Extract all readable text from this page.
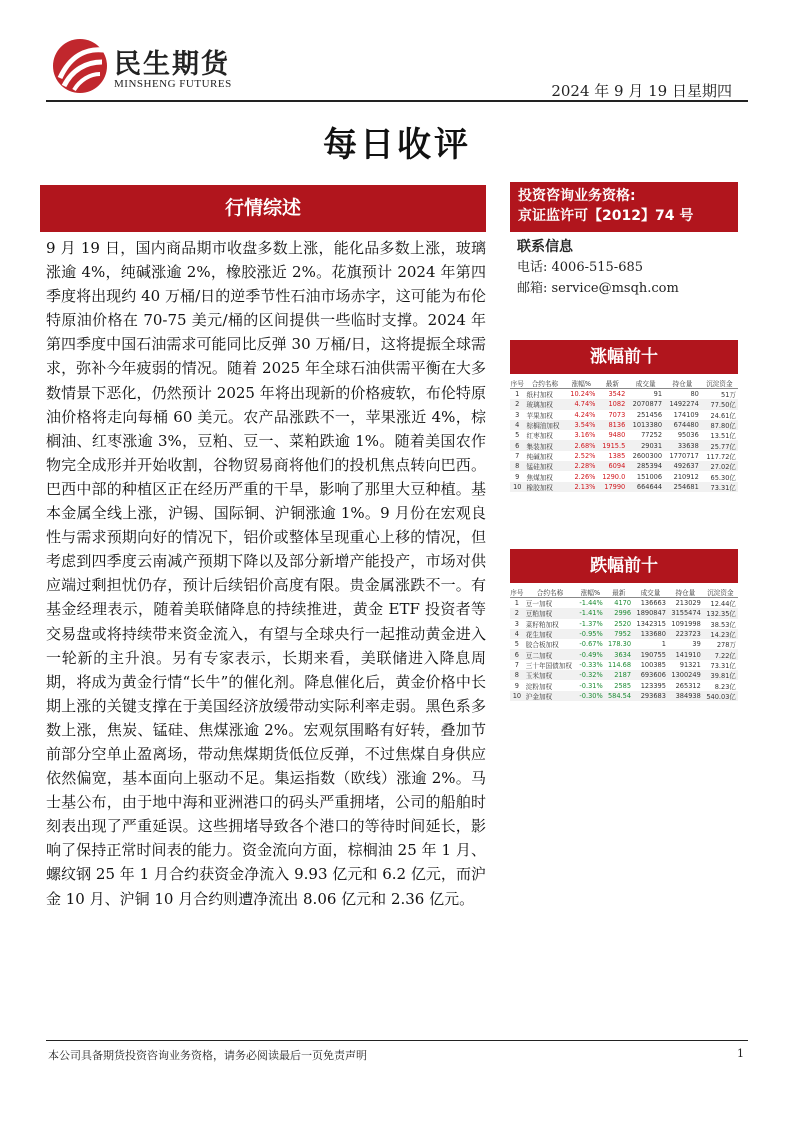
民生期货
MINSHENG FUTURES	2024 年 9 月 19 日星期四
每日收评
行情综述
9 月 19 日，国内商品期市收盘多数上涨，能化品多数上涨，玻璃涨逾 4%，纯碱涨逾 2%，橡胶涨近 2%。花旗预计 2024 年第四季度将出现约 40 万桶/日的逆季节性石油市场赤字，这可能为布伦特原油价格在 70-75 美元/桶的区间提供一些临时支撑。2024 年第四季度中国石油需求可能同比反弹 30 万桶/日，这将提振全球需求，弥补今年疲弱的情况。随着 2025 年全球石油供需平衡在大多数情景下恶化，仍然预计 2025 年将出现新的价格疲软，布伦特原油价格将走向每桶 60 美元。农产品涨跌不一，苹果涨近 4%，棕榈油、红枣涨逾 3%，豆粕、豆一、菜粕跌逾 1%。随着美国农作物完全成形并开始收割，谷物贸易商将他们的投机焦点转向巴西。巴西中部的种植区正在经历严重的干旱，影响了那里大豆种植。基本金属全线上涨，沪锡、国际铜、沪铜涨逾 1%。9 月份在宏观良性与需求预期向好的情况下，铝价或整体呈现重心上移的情况，但考虑到四季度云南减产预期下降以及部分新增产能投产，市场对供应端过剩担忧仍存，预计后续铝价高度有限。贵金属涨跌不一。有基金经理表示，随着美联储降息的持续推进，黄金 ETF 投资者等交易盘或将持续带来资金流入，有望与全球央行一起推动黄金进入一轮新的主升浪。另有专家表示，长期来看，美联储进入降息周期，将成为黄金行情“长牛”的催化剂。降息催化后，黄金价格中长期上涨的关键支撑在于美国经济放缓带动实际利率走弱。黑色系多数上涨，焦炭、锰硅、焦煤涨逾 2%。宏观氛围略有好转，叠加节前部分空单止盈离场，带动焦煤期货低位反弹，不过焦煤自身供应依然偏宽，基本面向上驱动不足。集运指数（欧线）涨逾 2%。马士基公布，由于地中海和亚洲港口的码头严重拥堵，公司的船舶时刻表出现了严重延误。这些拥堵导致各个港口的等待时间延长，影响了保持正常时间表的能力。资金流向方面，棕榈油 25 年 1 月、螺纹钢 25 年 1 月合约获资金净流入 9.93 亿元和 6.2 亿元，而沪金 10 月、沪铜 10 月合约则遭净流出 8.06 亿元和 2.36 亿元。
投资咨询业务资格:
京证监许可【2012】74 号
联系信息
电话: 4006-515-685
邮箱: service@msqh.com
涨幅前十
序号	合约名称	涨幅%	最新	成交量	持仓量	沉淀资金
1	纸村加权	10.24%	3542	91	80	51万
2	玻璃加权	4.74%	1082	2070877	1492274	77.50亿
3	苹果加权	4.24%	7073	251456	174109	24.61亿
4	棕榈油加权	3.54%	8136	1013380	674480	87.80亿
5	红枣加权	3.16%	9480	77252	95036	13.51亿
6	集装加权	2.68%	1915.5	29031	33638	25.77亿
7	纯碱加权	2.52%	1385	2600300	1770717	117.72亿
8	锰硅加权	2.28%	6094	285394	492637	27.02亿
9	焦煤加权	2.26%	1290.0	151006	210912	65.30亿
10	橡胶加权	2.13%	17990	664644	254681	73.31亿
跌幅前十
序号	合约名称	涨幅%	最新	成交量	持仓量	沉淀资金
1	豆一加权	-1.44%	4170	136663	213029	12.44亿
2	豆粕加权	-1.41%	2996	1890847	3155474	132.35亿
3	菜籽粕加权	-1.37%	2520	1342315	1091998	38.53亿
4	花生加权	-0.95%	7952	133680	223723	14.23亿
5	胶合板加权	-0.67%	178.30	1	39	278万
6	豆二加权	-0.49%	3634	190755	141910	7.22亿
7	三十年国债加权	-0.33%	114.68	100385	91321	73.31亿
8	玉米加权	-0.32%	2187	693606	1300249	39.81亿
9	淀粉加权	-0.31%	2585	123395	265312	8.23亿
10	沪金加权	-0.30%	584.54	293683	384938	540.03亿
本公司具备期货投资咨询业务资格，请务必阅读最后一页免责声明	1
